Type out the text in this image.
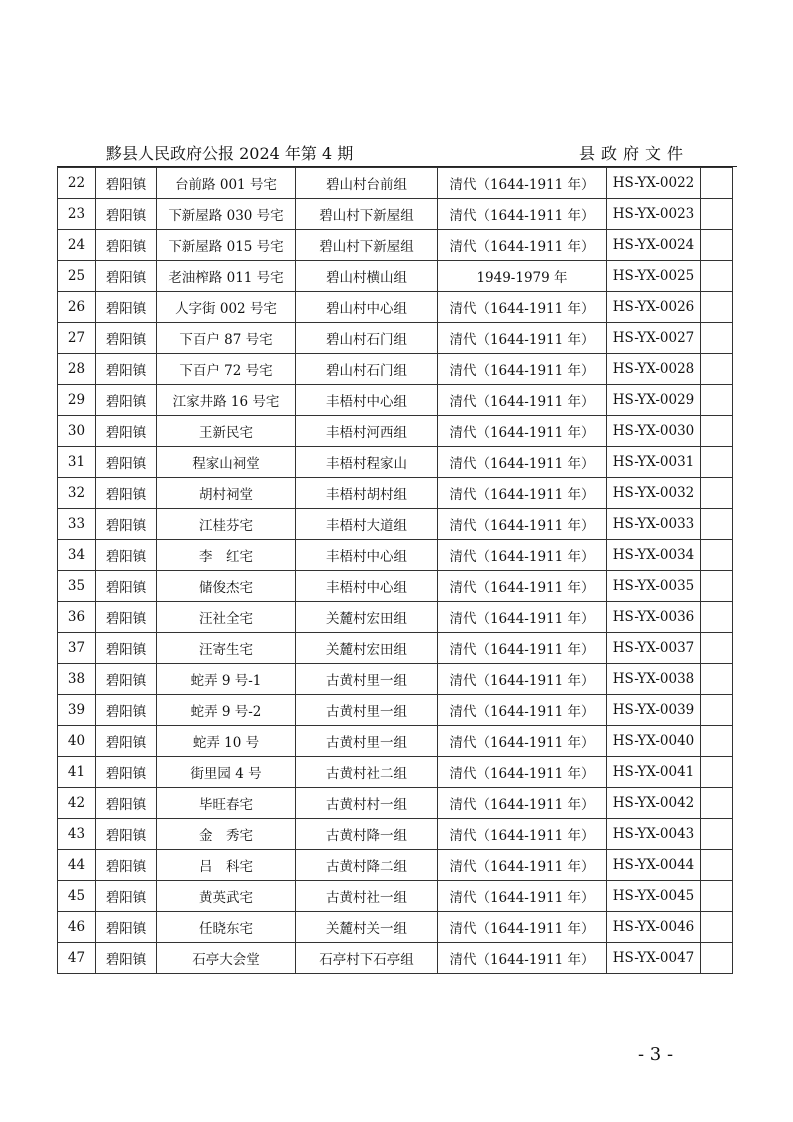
黟县人民政府公报 2024 年第 4 期	县政府文件
22	碧阳镇	台前路 001 号宅	碧山村台前组	清代（1644-1911 年）	HS-YX-0022	
23	碧阳镇	下新屋路 030 号宅	碧山村下新屋组	清代（1644-1911 年）	HS-YX-0023	
24	碧阳镇	下新屋路 015 号宅	碧山村下新屋组	清代（1644-1911 年）	HS-YX-0024	
25	碧阳镇	老油榨路 011 号宅	碧山村横山组	1949-1979 年	HS-YX-0025	
26	碧阳镇	人字街 002 号宅	碧山村中心组	清代（1644-1911 年）	HS-YX-0026	
27	碧阳镇	下百户 87 号宅	碧山村石门组	清代（1644-1911 年）	HS-YX-0027	
28	碧阳镇	下百户 72 号宅	碧山村石门组	清代（1644-1911 年）	HS-YX-0028	
29	碧阳镇	江家井路 16 号宅	丰梧村中心组	清代（1644-1911 年）	HS-YX-0029	
30	碧阳镇	王新民宅	丰梧村河西组	清代（1644-1911 年）	HS-YX-0030	
31	碧阳镇	程家山祠堂	丰梧村程家山	清代（1644-1911 年）	HS-YX-0031	
32	碧阳镇	胡村祠堂	丰梧村胡村组	清代（1644-1911 年）	HS-YX-0032	
33	碧阳镇	江桂芬宅	丰梧村大道组	清代（1644-1911 年）	HS-YX-0033	
34	碧阳镇	李　红宅	丰梧村中心组	清代（1644-1911 年）	HS-YX-0034	
35	碧阳镇	储俊杰宅	丰梧村中心组	清代（1644-1911 年）	HS-YX-0035	
36	碧阳镇	汪社全宅	关麓村宏田组	清代（1644-1911 年）	HS-YX-0036	
37	碧阳镇	汪寄生宅	关麓村宏田组	清代（1644-1911 年）	HS-YX-0037	
38	碧阳镇	蛇弄 9 号-1	古黄村里一组	清代（1644-1911 年）	HS-YX-0038	
39	碧阳镇	蛇弄 9 号-2	古黄村里一组	清代（1644-1911 年）	HS-YX-0039	
40	碧阳镇	蛇弄 10 号	古黄村里一组	清代（1644-1911 年）	HS-YX-0040	
41	碧阳镇	街里园 4 号	古黄村社二组	清代（1644-1911 年）	HS-YX-0041	
42	碧阳镇	毕旺春宅	古黄村村一组	清代（1644-1911 年）	HS-YX-0042	
43	碧阳镇	金　秀宅	古黄村降一组	清代（1644-1911 年）	HS-YX-0043	
44	碧阳镇	吕　科宅	古黄村降二组	清代（1644-1911 年）	HS-YX-0044	
45	碧阳镇	黄英武宅	古黄村社一组	清代（1644-1911 年）	HS-YX-0045	
46	碧阳镇	任晓东宅	关麓村关一组	清代（1644-1911 年）	HS-YX-0046	
47	碧阳镇	石亭大会堂	石亭村下石亭组	清代（1644-1911 年）	HS-YX-0047	
- 3 -
